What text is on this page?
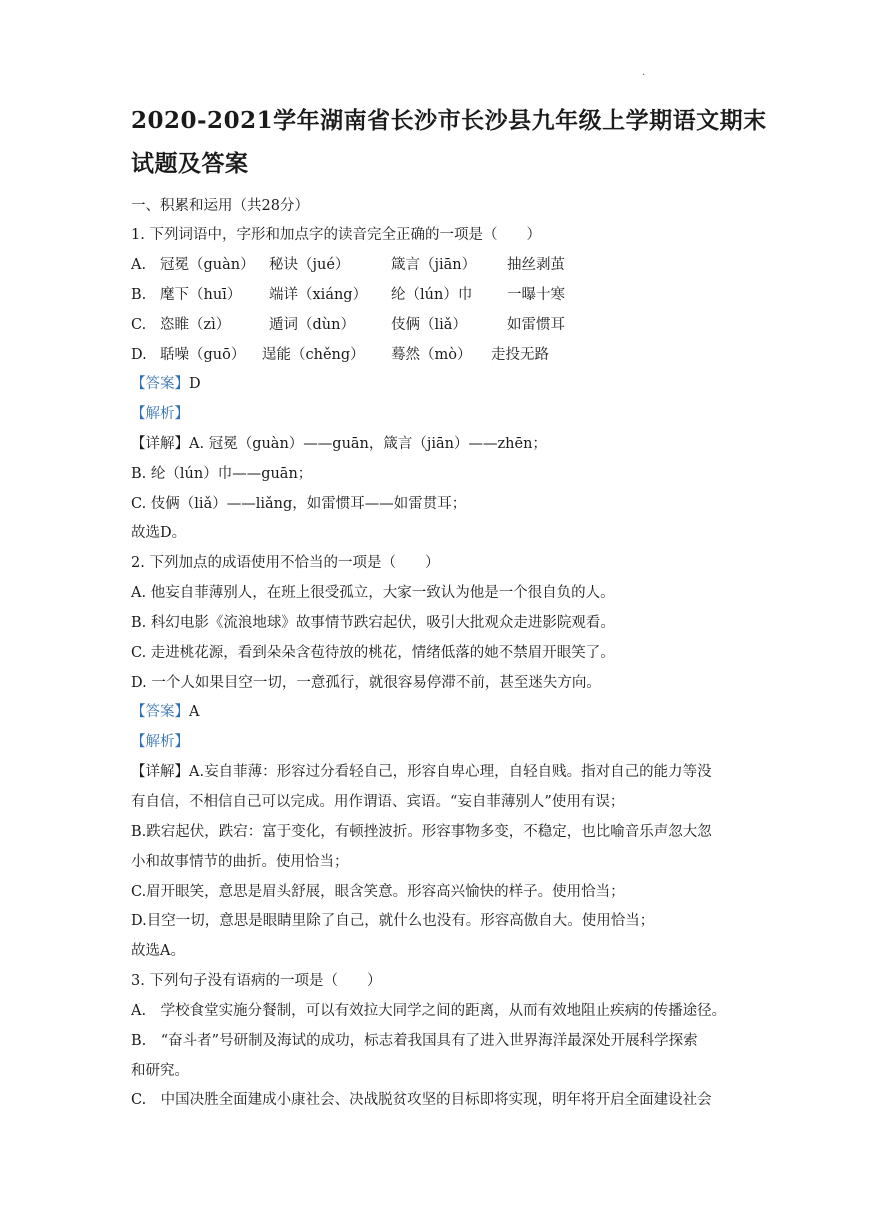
·
2020-2021学年湖南省长沙市长沙县九年级上学期语文期末
试题及答案
一、积累和运用（共28分）
1. 下列词语中，字形和加点字的读音完全正确的一项是（　　）
A. 冠冕（guàn） 秘诀（jué）	箴言（jiān） 抽丝剥茧
B. 麾下（huī） 端详（xiáng） 纶（lún）巾 一曝十寒
C. 恣睢（zì）	遁词（dùn） 伎俩（liǎ）	如雷惯耳
D. 聒噪（guō） 逞能（chěng） 蓦然（mò） 走投无路
【答案】D
【解析】
【详解】A. 冠冕（guàn）——guān，箴言（jiān）——zhēn；
B. 纶（lún）巾——guān；
C. 伎俩（liǎ）——liǎng，如雷惯耳——如雷贯耳；
故选D。
2. 下列加点的成语使用不恰当的一项是（　　）
A. 他妄自菲薄别人，在班上很受孤立，大家一致认为他是一个很自负的人。
B. 科幻电影《流浪地球》故事情节跌宕起伏，吸引大批观众走进影院观看。
C. 走进桃花源，看到朵朵含苞待放的桃花，情绪低落的她不禁眉开眼笑了。
D. 一个人如果目空一切，一意孤行，就很容易停滞不前，甚至迷失方向。
【答案】A
【解析】
【详解】A.妄自菲薄：形容过分看轻自己，形容自卑心理，自轻自贱。指对自己的能力等没
有自信，不相信自己可以完成。用作谓语、宾语。“妄自菲薄别人”使用有误；
B.跌宕起伏，跌宕：富于变化，有顿挫波折。形容事物多变，不稳定，也比喻音乐声忽大忽
小和故事情节的曲折。使用恰当；
C.眉开眼笑，意思是眉头舒展，眼含笑意。形容高兴愉快的样子。使用恰当；
D.目空一切，意思是眼睛里除了自己，就什么也没有。形容高傲自大。使用恰当；
故选A。
3. 下列句子没有语病的一项是（　　）
A.　学校食堂实施分餐制，可以有效拉大同学之间的距离，从而有效地阻止疾病的传播途径。
B.　“奋斗者”号研制及海试的成功，标志着我国具有了进入世界海洋最深处开展科学探索
和研究。
C.　中国决胜全面建成小康社会、决战脱贫攻坚的目标即将实现，明年将开启全面建设社会
